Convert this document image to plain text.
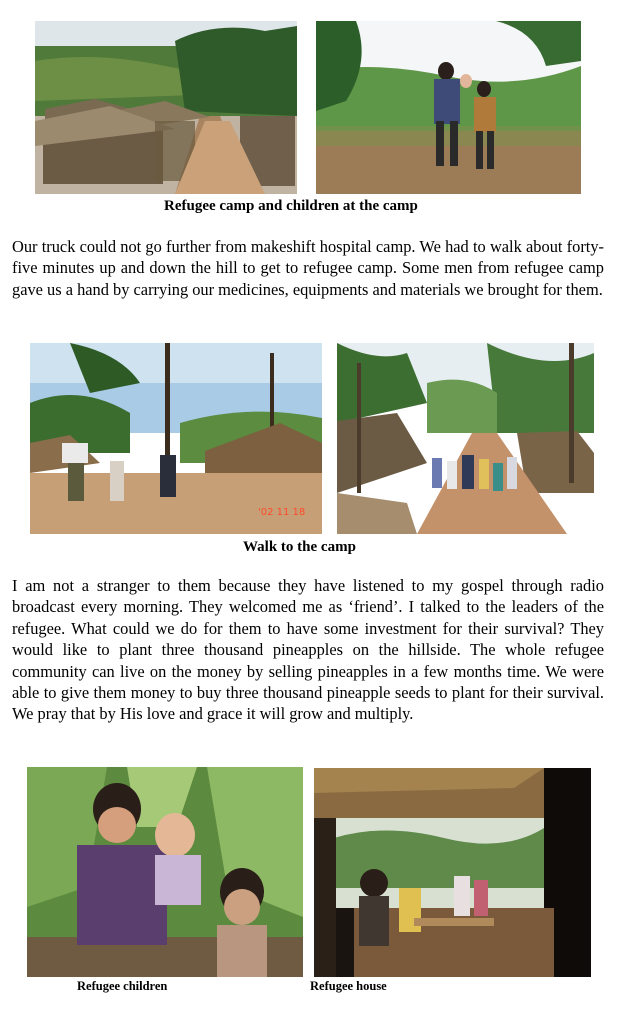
Refugee camp and children at the camp

Our truck could not go further from makeshift hospital camp. We had to walk about forty-five minutes up and down the hill to get to refugee camp. Some men from refugee camp gave us a hand by carrying our medicines, equipments and materials we brought for them.

'02 11 18
Walk to the camp

I am not a stranger to them because they have listened to my gospel through radio broadcast every morning. They welcomed me as ‘friend’. I talked to the leaders of the refugee. What could we do for them to have some investment for their survival? They would like to plant three thousand pineapples on the hillside. The whole refugee community can live on the money by selling pineapples in a few months time. We were able to give them money to buy three thousand pineapple seeds to plant for their survival. We pray that by His love and grace it will grow and multiply.

Refugee children	Refugee house
